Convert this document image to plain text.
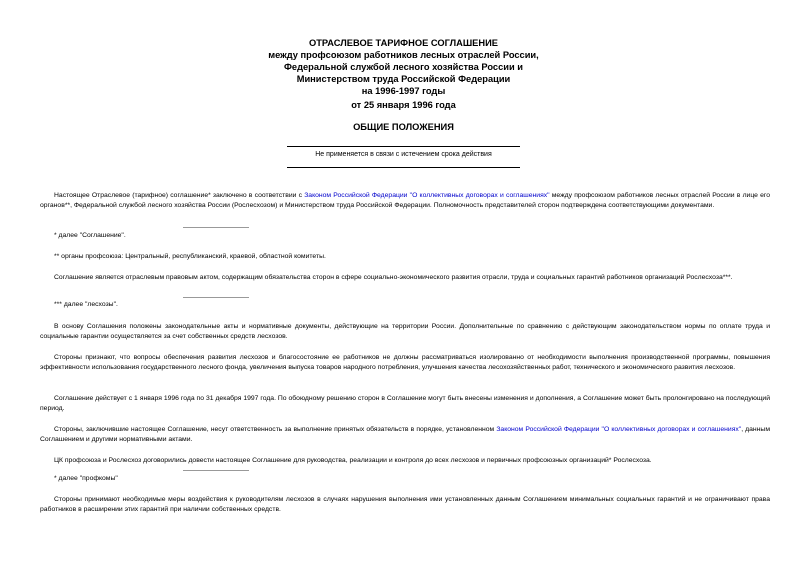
ОТРАСЛЕВОЕ ТАРИФНОЕ СОГЛАШЕНИЕ
между профсоюзом работников лесных отраслей России,
Федеральной службой лесного хозяйства России и
Министерством труда Российской Федерации
на 1996-1997 годы
от 25 января 1996 года
ОБЩИЕ ПОЛОЖЕНИЯ
Не применяется в связи с истечением срока действия

Настоящее Отраслевое (тарифное) соглашение* заключено в соответствии с Законом Российской Федерации "О коллективных договорах и соглашениях" между профсоюзом работников лесных отраслей России в лице его органов**, Федеральной службой лесного хозяйства России (Рослесхозом) и Министерством труда Российской Федерации. Полномочность представителей сторон подтверждена соответствующими документами.

* далее "Соглашение".

** органы профсоюза: Центральный, республиканский, краевой, областной комитеты.

Соглашение является отраслевым правовым актом, содержащим обязательства сторон в сфере социально-экономического развития отрасли, труда и социальных гарантий работников организаций Рослесхоза***.

*** далее "лесхозы".

В основу Соглашения положены законодательные акты и нормативные документы, действующие на территории России. Дополнительные по сравнению с действующим законодательством нормы по оплате труда и социальные гарантии осуществляется за счет собственных средств лесхозов.

Стороны признают, что вопросы обеспечения развития лесхозов и благосостояние ее работников не должны рассматриваться изолированно от необходимости выполнения производственной программы, повышения эффективности использования государственного лесного фонда, увеличения выпуска товаров народного потребления, улучшения качества лесохозяйственных работ, технического и экономического развития лесхозов.

Соглашение действует с 1 января 1996 года по 31 декабря 1997 года. По обоюдному решению сторон в Соглашение могут быть внесены изменения и дополнения, а Соглашение может быть пролонгировано на последующий период.

Стороны, заключившие настоящее Соглашение, несут ответственность за выполнение принятых обязательств в порядке, установленном Законом Российской Федерации "О коллективных договорах и соглашениях", данным Соглашением и другими нормативными актами.

ЦК профсоюза и Рослесхоз договорились довести настоящее Соглашение для руководства, реализации и контроля до всех лесхозов и первичных профсоюзных организаций* Рослесхоза.

* далее "профкомы"

Стороны принимают необходимые меры воздействия к руководителям лесхозов в случаях нарушения выполнения ими установленных данным Соглашением минимальных социальных гарантий и не ограничивают права работников в расширении этих гарантий при наличии собственных средств.
